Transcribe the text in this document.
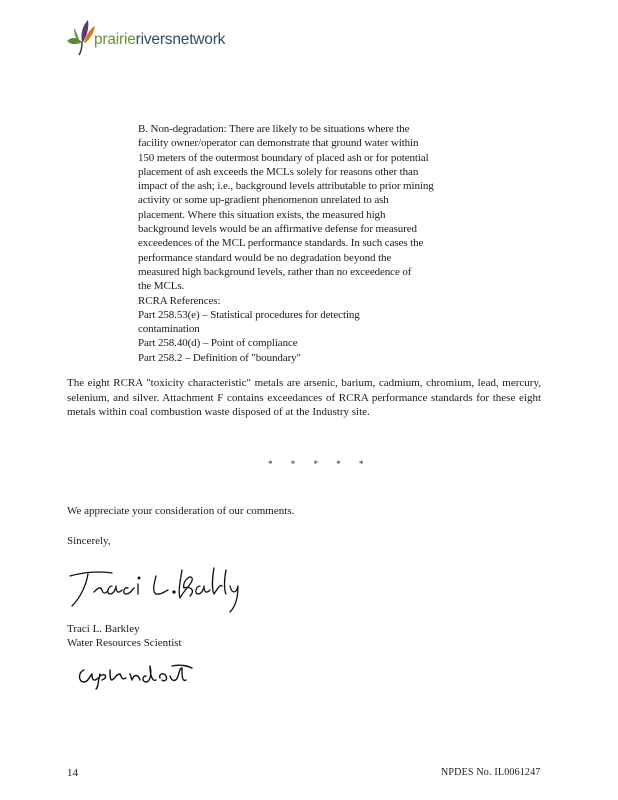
prairieriversnetwork

B. Non-degradation: There are likely to be situations where the

facility owner/operator can demonstrate that ground water within

150 meters of the outermost boundary of placed ash or for potential

placement of ash exceeds the MCLs solely for reasons other than

impact of the ash; i.e., background levels attributable to prior mining

activity or some up-gradient phenomenon unrelated to ash

placement. Where this situation exists, the measured high

background levels would be an affirmative defense for measured

exceedences of the MCL performance standards. In such cases the

performance standard would be no degradation beyond the

measured high background levels, rather than no exceedence of

the MCLs.

RCRA References:

Part 258.53(e) – Statistical procedures for detecting

contamination

Part 258.40(d) – Point of compliance

Part 258.2 – Definition of "boundary"

The eight RCRA "toxicity characteristic" metals are arsenic, barium, cadmium, chromium, lead, mercury, selenium, and silver. Attachment F contains exceedances of RCRA performance standards for these eight metals within coal combustion waste disposed of at the Industry site.

* * * * *

We appreciate your consideration of our comments.

Sincerely,

Traci L. Barkley
Water Resources Scientist

14	NPDES No. IL0061247
